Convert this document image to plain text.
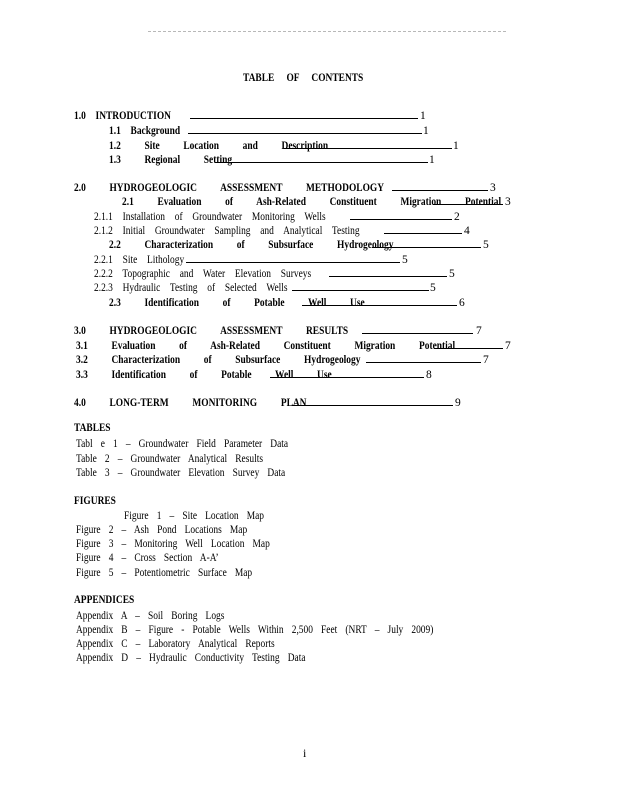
TABLE OF CONTENTS
1.0 INTRODUCTION	1
1.1 Background	1
1.2 Site Location and Description	1
1.3 Regional Setting	1
2.0 HYDROGEOLOGIC ASSESSMENT METHODOLOGY	3
2.1 Evaluation of Ash-Related Constituent Migration Potential 3
2.1.1 Installation of Groundwater Monitoring Wells	2
2.1.2 Initial Groundwater Sampling and Analytical Testing	4
2.2 Characterization of Subsurface Hydrogeology	5
2.2.1 Site Lithology	5
2.2.2 Topographic and Water Elevation Surveys	5
2.2.3 Hydraulic Testing of Selected Wells	5
2.3 Identification of Potable Well Use	6
3.0 HYDROGEOLOGIC ASSESSMENT RESULTS	7
3.1 Evaluation of Ash-Related Constituent Migration Potential	7
3.2 Characterization of Subsurface Hydrogeology	7
3.3 Identification of Potable Well Use	8
4.0 LONG-TERM MONITORING PLAN	9
TABLES
Tabl e 1 – Groundwater Field Parameter Data
Table 2 – Groundwater Analytical Results
Table 3 – Groundwater Elevation Survey Data
FIGURES
Figure 1 – Site Location Map
Figure 2 – Ash Pond Locations Map
Figure 3 – Monitoring Well Location Map
Figure 4 – Cross Section A-A’
Figure 5 – Potentiometric Surface Map
APPENDICES
Appendix A – Soil Boring Logs
Appendix B – Figure - Potable Wells Within 2,500 Feet (NRT – July 2009)
Appendix C – Laboratory Analytical Reports
Appendix D – Hydraulic Conductivity Testing Data
i
